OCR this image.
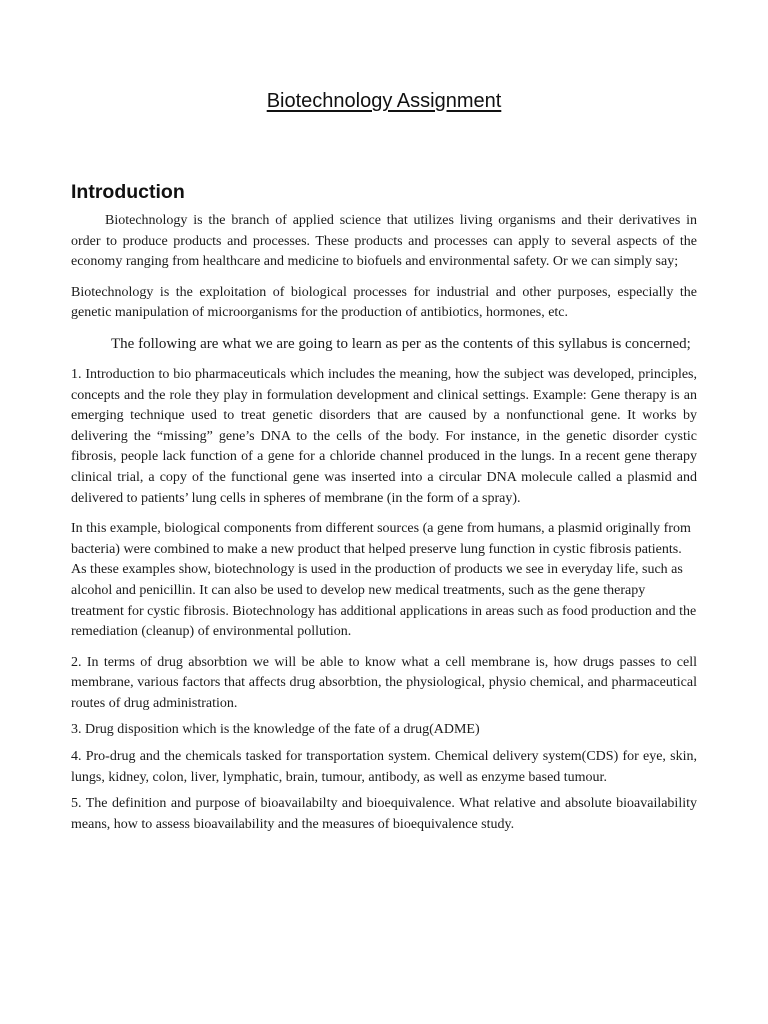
Biotechnology Assignment
Introduction

Biotechnology is the branch of applied science that utilizes living organisms and their derivatives in order to produce products and processes. These products and processes can apply to several aspects of the economy ranging from healthcare and medicine to biofuels and environmental safety. Or we can simply say;

Biotechnology is the exploitation of biological processes for industrial and other purposes, especially the genetic manipulation of microorganisms for the production of antibiotics, hormones, etc.

The following are what we are going to learn as per as the contents of this syllabus is concerned;

1. Introduction to bio pharmaceuticals which includes the meaning, how the subject was developed, principles, concepts and the role they play in formulation development and clinical settings. Example: Gene therapy is an emerging technique used to treat genetic disorders that are caused by a nonfunctional gene. It works by delivering the “missing” gene’s DNA to the cells of the body. For instance, in the genetic disorder cystic fibrosis, people lack function of a gene for a chloride channel produced in the lungs. In a recent gene therapy clinical trial, a copy of the functional gene was inserted into a circular DNA molecule called a plasmid and delivered to patients’ lung cells in spheres of membrane (in the form of a spray).

In this example, biological components from different sources (a gene from humans, a plasmid originally from bacteria) were combined to make a new product that helped preserve lung function in cystic fibrosis patients. As these examples show, biotechnology is used in the production of products we see in everyday life, such as alcohol and penicillin. It can also be used to develop new medical treatments, such as the gene therapy treatment for cystic fibrosis. Biotechnology has additional applications in areas such as food production and the remediation (cleanup) of environmental pollution.

2. In terms of drug absorbtion we will be able to know what a cell membrane is, how drugs passes to cell membrane, various factors that affects drug absorbtion, the physiological, physio chemical, and pharmaceutical routes of drug administration.

3. Drug disposition which is the knowledge of the fate of a drug(ADME)

4. Pro-drug and the chemicals tasked for transportation system. Chemical delivery system(CDS) for eye, skin, lungs, kidney, colon, liver, lymphatic, brain, tumour, antibody, as well as enzyme based tumour.

5. The definition and purpose of bioavailabilty and bioequivalence. What relative and absolute bioavailability means, how to assess bioavailability and the measures of bioequivalence study.
